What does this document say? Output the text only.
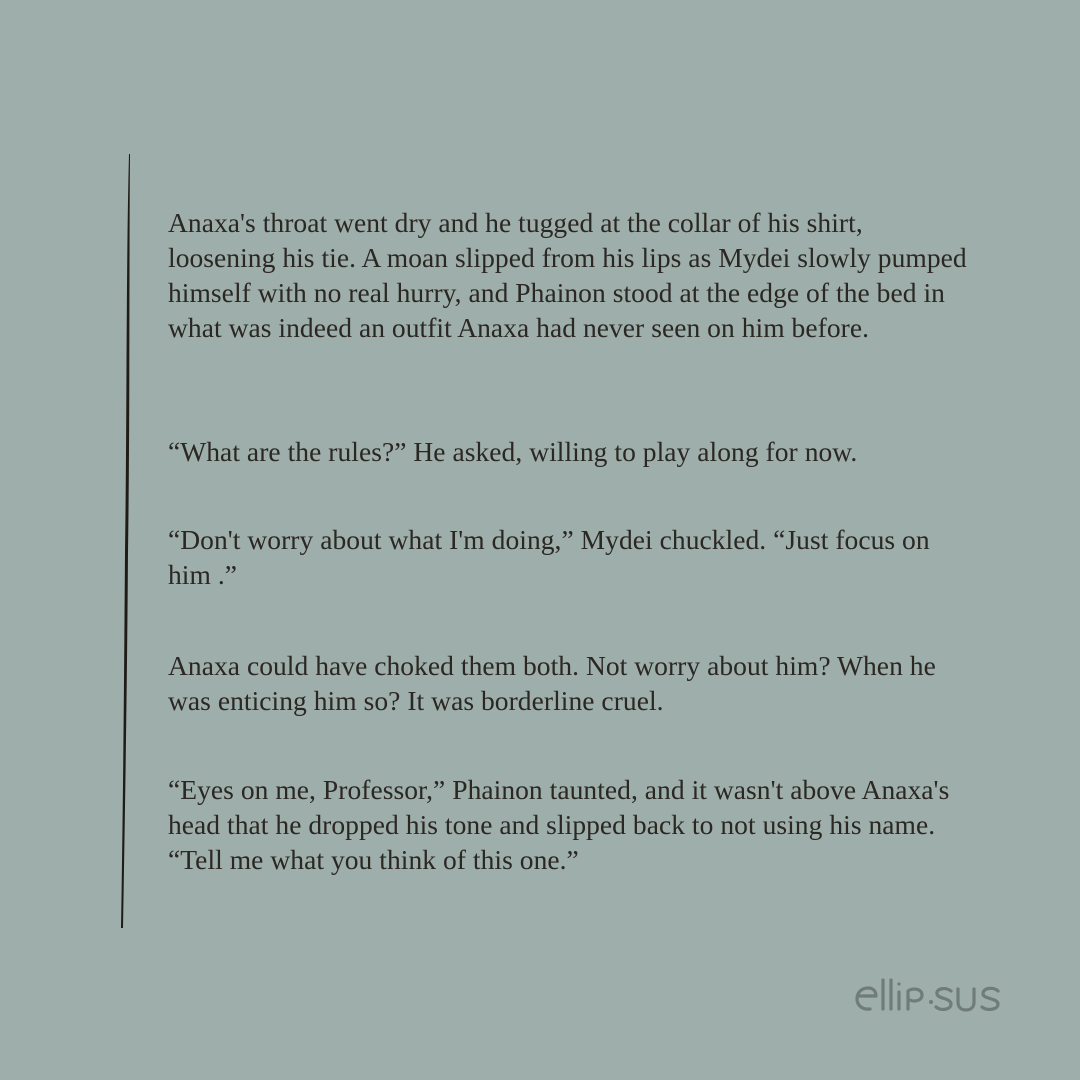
Anaxa's throat went dry and he tugged at the collar of his shirt, loosening his tie. A moan slipped from his lips as Mydei slowly pumped himself with no real hurry, and Phainon stood at the edge of the bed in what was indeed an outfit Anaxa had never seen on him before.

“What are the rules?” He asked, willing to play along for now.

“Don't worry about what I'm doing,” Mydei chuckled. “Just focus on him .”

Anaxa could have choked them both. Not worry about him? When he was enticing him so? It was borderline cruel.

“Eyes on me, Professor,” Phainon taunted, and it wasn't above Anaxa's head that he dropped his tone and slipped back to not using his name. “Tell me what you think of this one.”
